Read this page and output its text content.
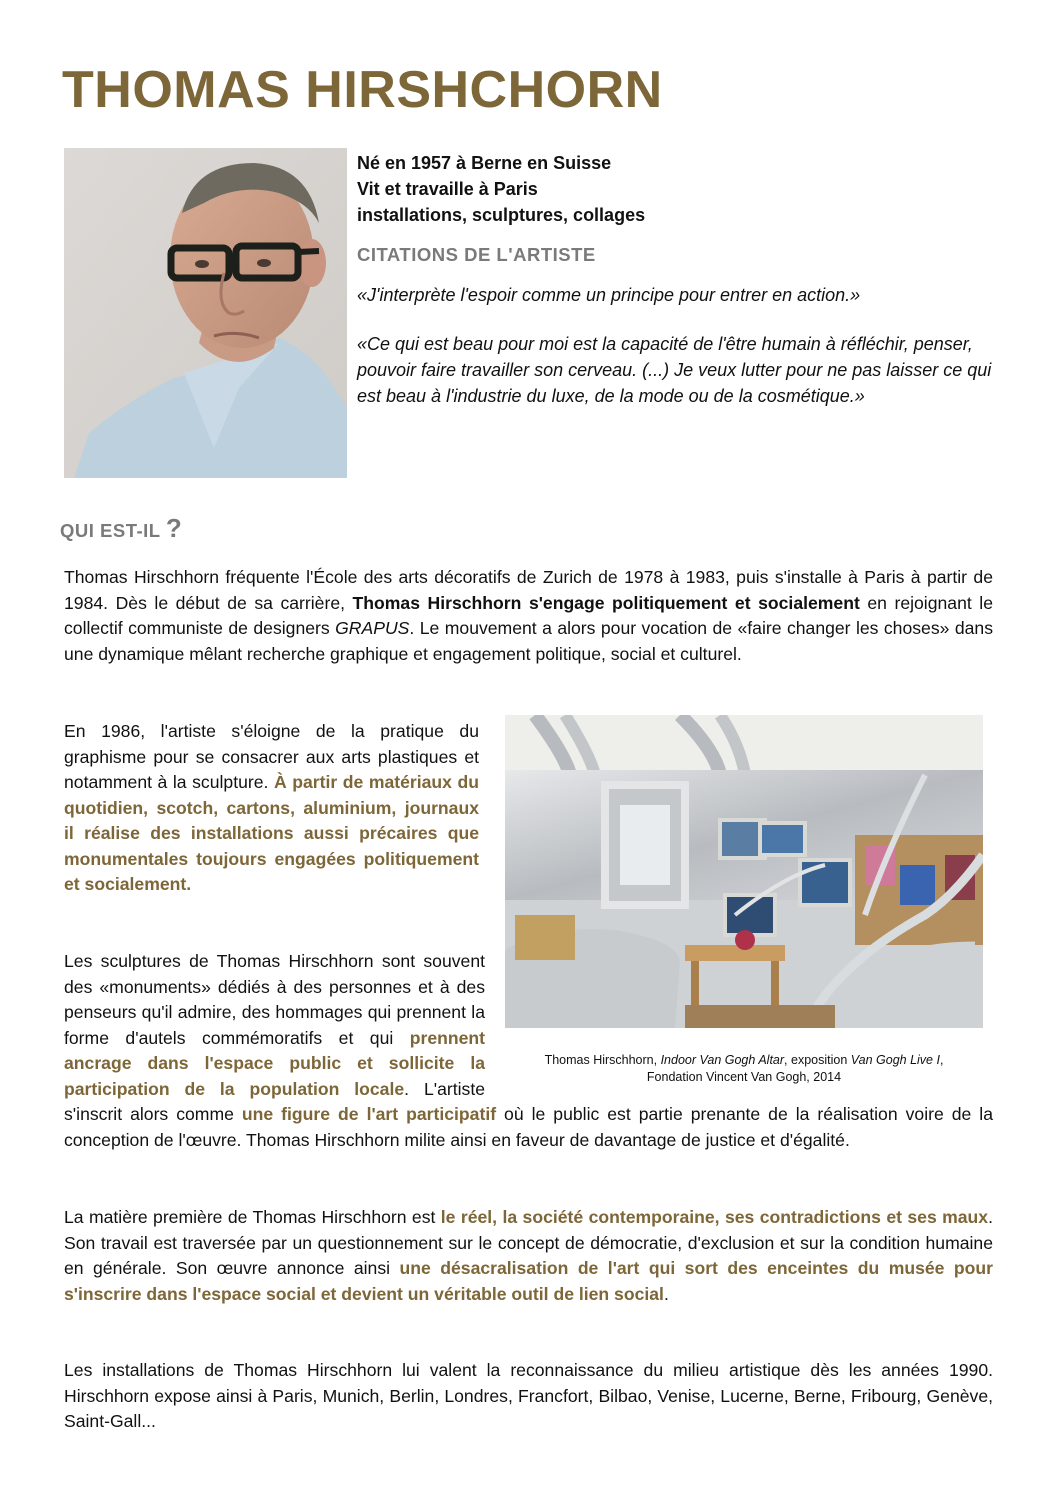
THOMAS HIRSHCHORN
Né en 1957 à Berne en Suisse
Vit et travaille à Paris
installations, sculptures, collages
CITATIONS DE L'ARTISTE
«J'interprète l'espoir comme un principe pour entrer en action.»
«Ce qui est beau pour moi est la capacité de l'être humain à réfléchir, penser, pouvoir faire travailler son cerveau. (...) Je veux lutter pour ne pas laisser ce qui est beau à l'industrie du luxe, de la mode ou de la cosmétique.»
QUI EST-IL ?

Thomas Hirschhorn fréquente l'École des arts décoratifs de Zurich de 1978 à 1983, puis s'installe à Paris à partir de 1984. Dès le début de sa carrière, Thomas Hirschhorn s'engage politiquement et socialement en rejoignant le collectif communiste de designers GRAPUS. Le mouvement a alors pour vocation de «faire changer les choses» dans une dynamique mêlant recherche graphique et engagement politique, social et culturel.

En 1986, l'artiste s'éloigne de la pratique du graphisme pour se consacrer aux arts plastiques et notamment à la sculpture. À partir de matériaux du quotidien, scotch, cartons, aluminium, journaux il réalise des installations aussi précaires que monumentales toujours engagées politiquement et socialement.

Thomas Hirschhorn, Indoor Van Gogh Altar, exposition Van Gogh Live I,
Fondation Vincent Van Gogh, 2014
Les sculptures de Thomas Hirschhorn sont souvent des «monuments» dédiés à des personnes et à des penseurs qu'il admire, des hommages qui prennent la forme d'autels commémoratifs et qui prennent ancrage dans l'espace public et sollicite la participation de la population locale. L'artiste s'inscrit alors comme une figure de l'art participatif où le public est partie prenante de la réalisation voire de la conception de l'œuvre. Thomas Hirschhorn milite ainsi en faveur de davantage de justice et d'égalité.

La matière première de Thomas Hirschhorn est le réel, la société contemporaine, ses contradictions et ses maux. Son travail est traversée par un questionnement sur le concept de démocratie, d'exclusion et sur la condition humaine en générale. Son œuvre annonce ainsi une désacralisation de l'art qui sort des enceintes du musée pour s'inscrire dans l'espace social et devient un véritable outil de lien social.

Les installations de Thomas Hirschhorn lui valent la reconnaissance du milieu artistique dès les années 1990. Hirschhorn expose ainsi à Paris, Munich, Berlin, Londres, Francfort, Bilbao, Venise, Lucerne, Berne, Fribourg, Genève, Saint-Gall...
